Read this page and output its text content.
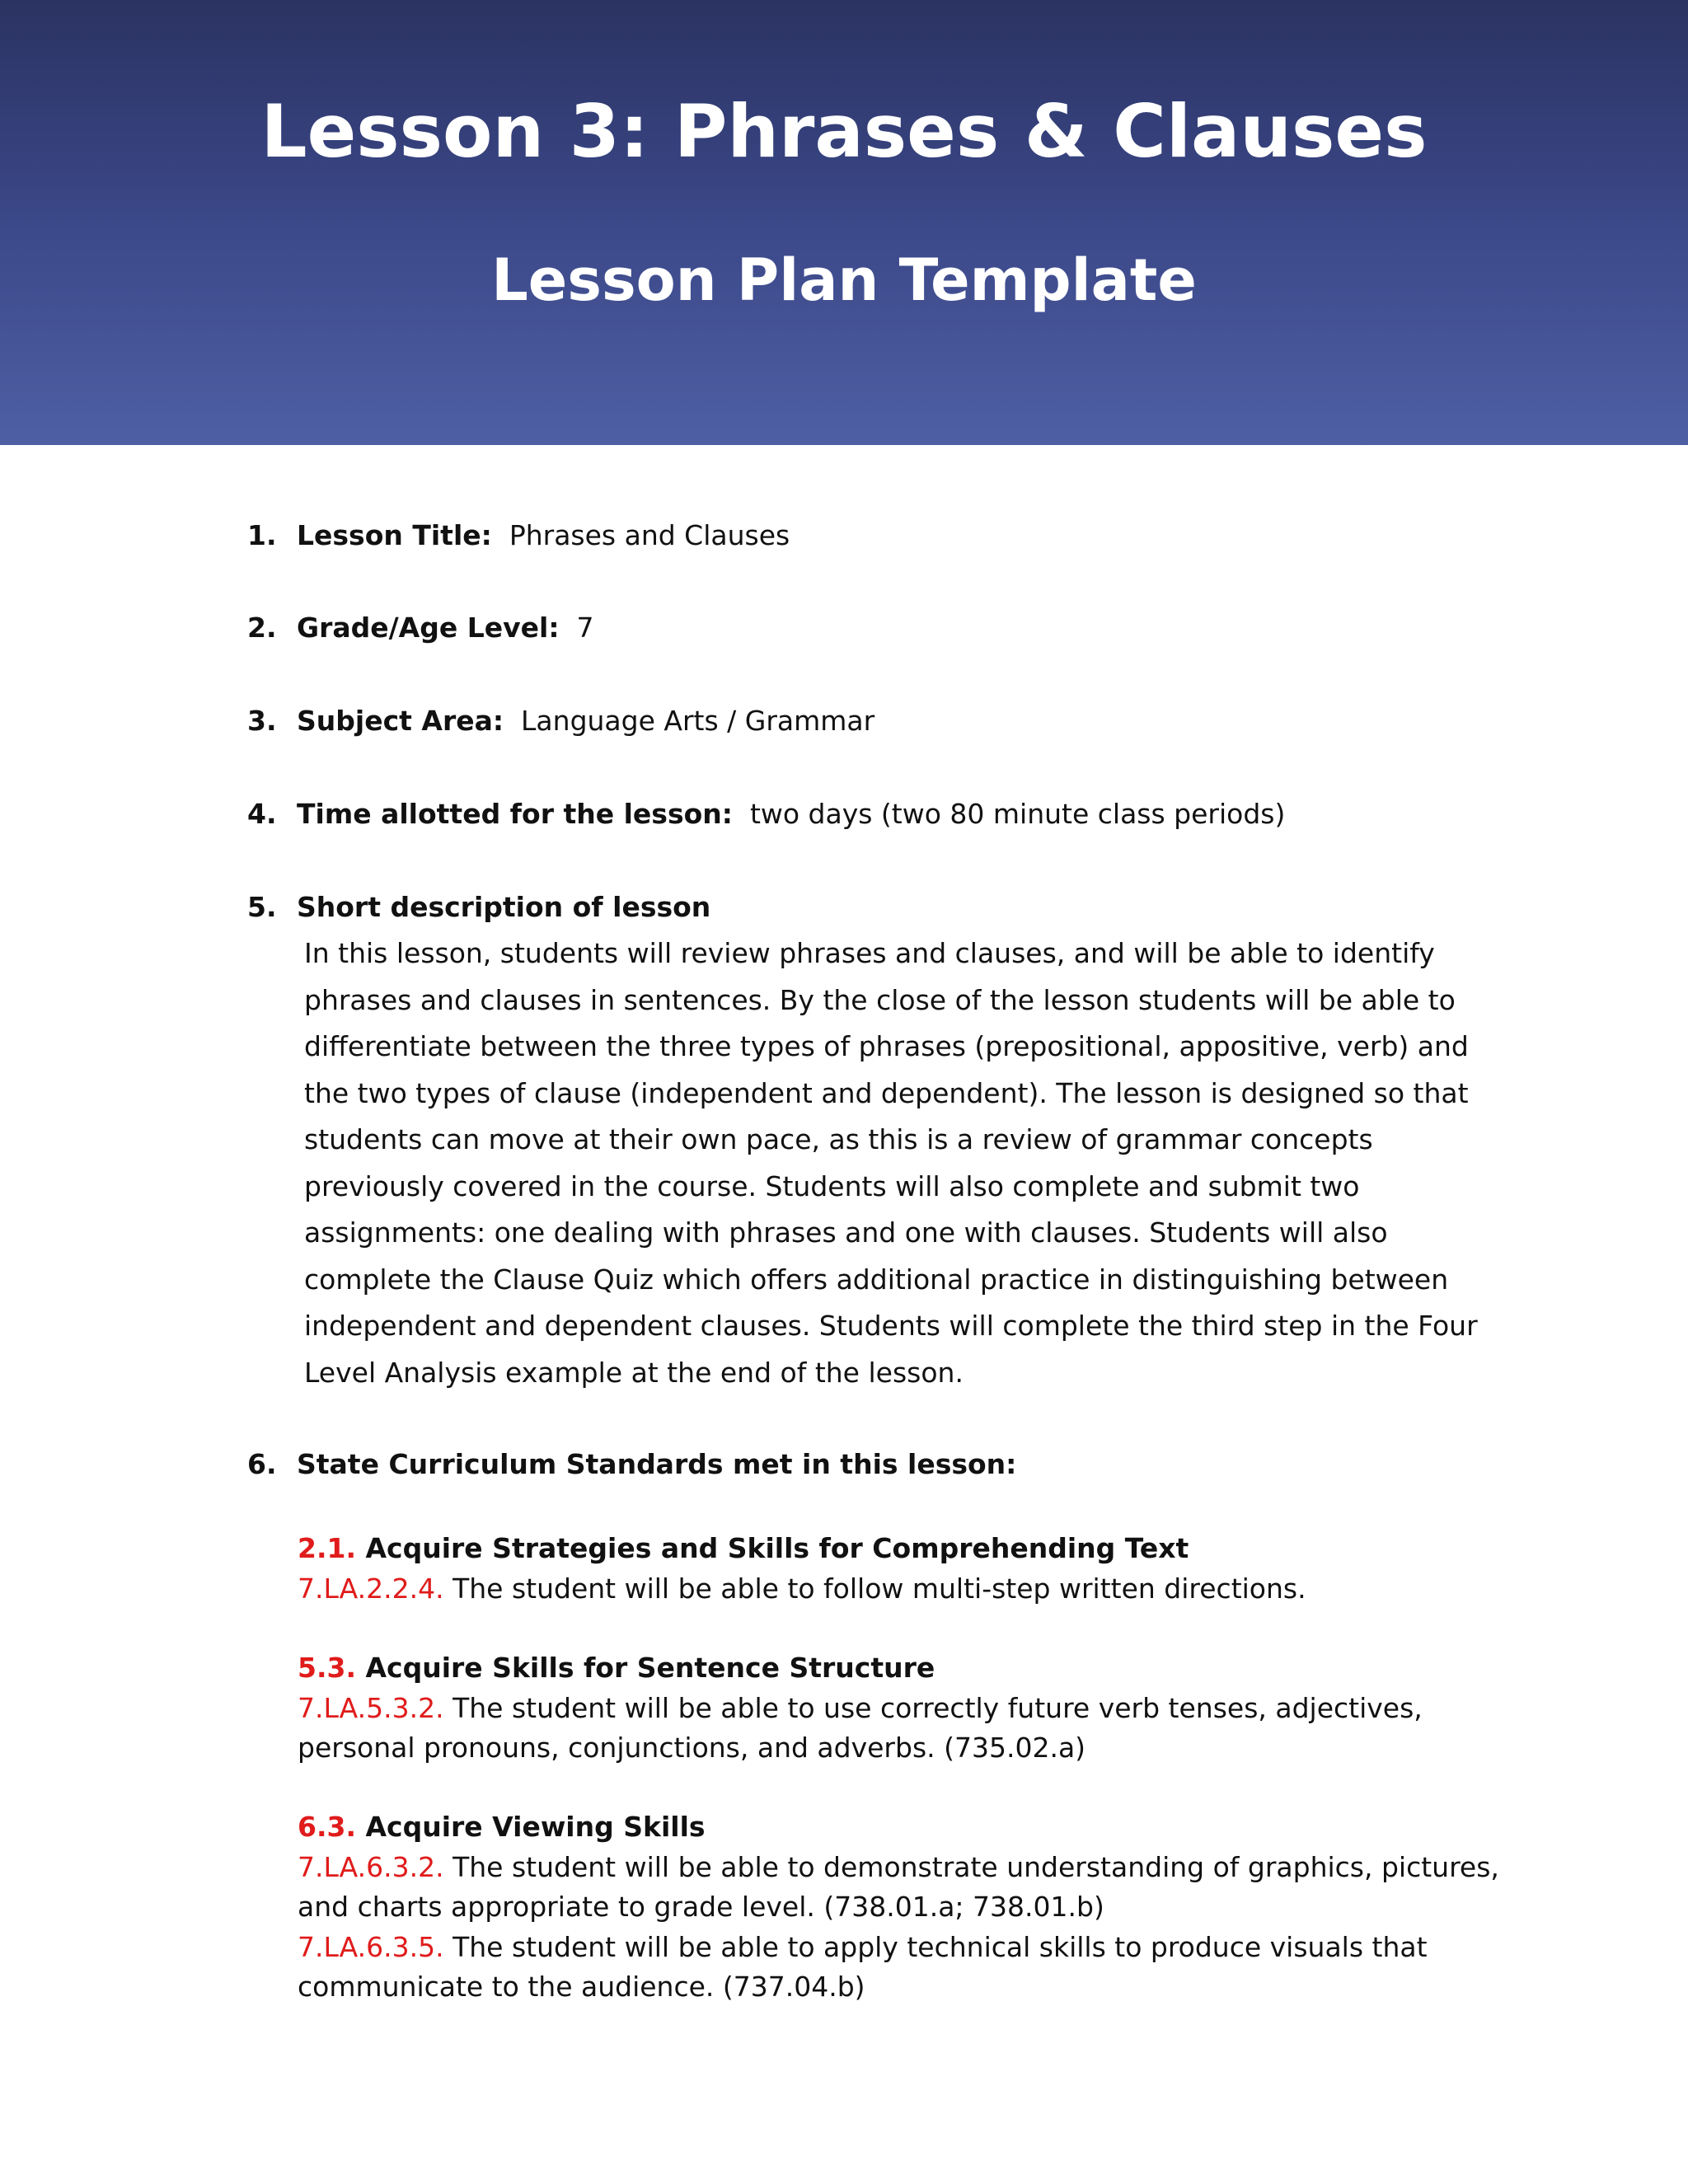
Lesson 3: Phrases & Clauses
Lesson Plan Template
1. Lesson Title: Phrases and Clauses
2. Grade/Age Level: 7
3. Subject Area: Language Arts / Grammar
4. Time allotted for the lesson: two days (two 80 minute class periods)
5. Short description of lesson
In this lesson, students will review phrases and clauses, and will be able to identify
phrases and clauses in sentences. By the close of the lesson students will be able to
differentiate between the three types of phrases (prepositional, appositive, verb) and
the two types of clause (independent and dependent). The lesson is designed so that
students can move at their own pace, as this is a review of grammar concepts
previously covered in the course. Students will also complete and submit two
assignments: one dealing with phrases and one with clauses. Students will also
complete the Clause Quiz which offers additional practice in distinguishing between
independent and dependent clauses. Students will complete the third step in the Four
Level Analysis example at the end of the lesson.
6. State Curriculum Standards met in this lesson:
2.1. Acquire Strategies and Skills for Comprehending Text
7.LA.2.2.4. The student will be able to follow multi-step written directions.
5.3. Acquire Skills for Sentence Structure
7.LA.5.3.2. The student will be able to use correctly future verb tenses, adjectives,
personal pronouns, conjunctions, and adverbs. (735.02.a)
6.3. Acquire Viewing Skills
7.LA.6.3.2. The student will be able to demonstrate understanding of graphics, pictures,
and charts appropriate to grade level. (738.01.a; 738.01.b)
7.LA.6.3.5. The student will be able to apply technical skills to produce visuals that
communicate to the audience. (737.04.b)
